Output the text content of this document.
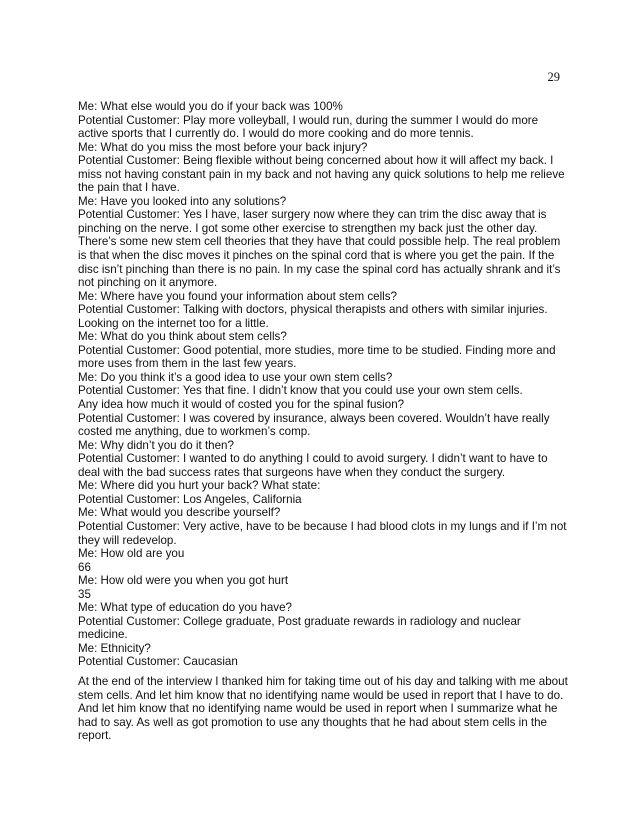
29

Me: What else would you do if your back was 100%

Potential Customer: Play more volleyball, I would run, during the summer I would do more active sports that I currently do. I would do more cooking and do more tennis.

Me: What do you miss the most before your back injury?

Potential Customer: Being flexible without being concerned about how it will affect my back. I miss not having constant pain in my back and not having any quick solutions to help me relieve the pain that I have.

Me: Have you looked into any solutions?

Potential Customer: Yes I have, laser surgery now where they can trim the disc away that is pinching on the nerve. I got some other exercise to strengthen my back just the other day. There’s some new stem cell theories that they have that could possible help. The real problem is that when the disc moves it pinches on the spinal cord that is where you get the pain. If the disc isn’t pinching than there is no pain. In my case the spinal cord has actually shrank and it’s not pinching on it anymore.

Me: Where have you found your information about stem cells?

Potential Customer: Talking with doctors, physical therapists and others with similar injuries. Looking on the internet too for a little.

Me: What do you think about stem cells?

Potential Customer: Good potential, more studies, more time to be studied. Finding more and more uses from them in the last few years.

Me: Do you think it’s a good idea to use your own stem cells?

Potential Customer: Yes that fine. I didn’t know that you could use your own stem cells.

Any idea how much it would of costed you for the spinal fusion?

Potential Customer: I was covered by insurance, always been covered. Wouldn’t have really costed me anything, due to workmen’s comp.

Me: Why didn’t you do it then?

Potential Customer: I wanted to do anything I could to avoid surgery. I didn’t want to have to deal with the bad success rates that surgeons have when they conduct the surgery.

Me: Where did you hurt your back? What state:

Potential Customer: Los Angeles, California

Me: What would you describe yourself?

Potential Customer: Very active, have to be because I had blood clots in my lungs and if I’m not they will redevelop.

Me: How old are you

66

Me: How old were you when you got hurt

35

Me: What type of education do you have?

Potential Customer: College graduate, Post graduate rewards in radiology and nuclear medicine.

Me: Ethnicity?

Potential Customer: Caucasian

At the end of the interview I thanked him for taking time out of his day and talking with me about stem cells. And let him know that no identifying name would be used in report that I have to do. And let him know that no identifying name would be used in report when I summarize what he had to say. As well as got promotion to use any thoughts that he had about stem cells in the report.
